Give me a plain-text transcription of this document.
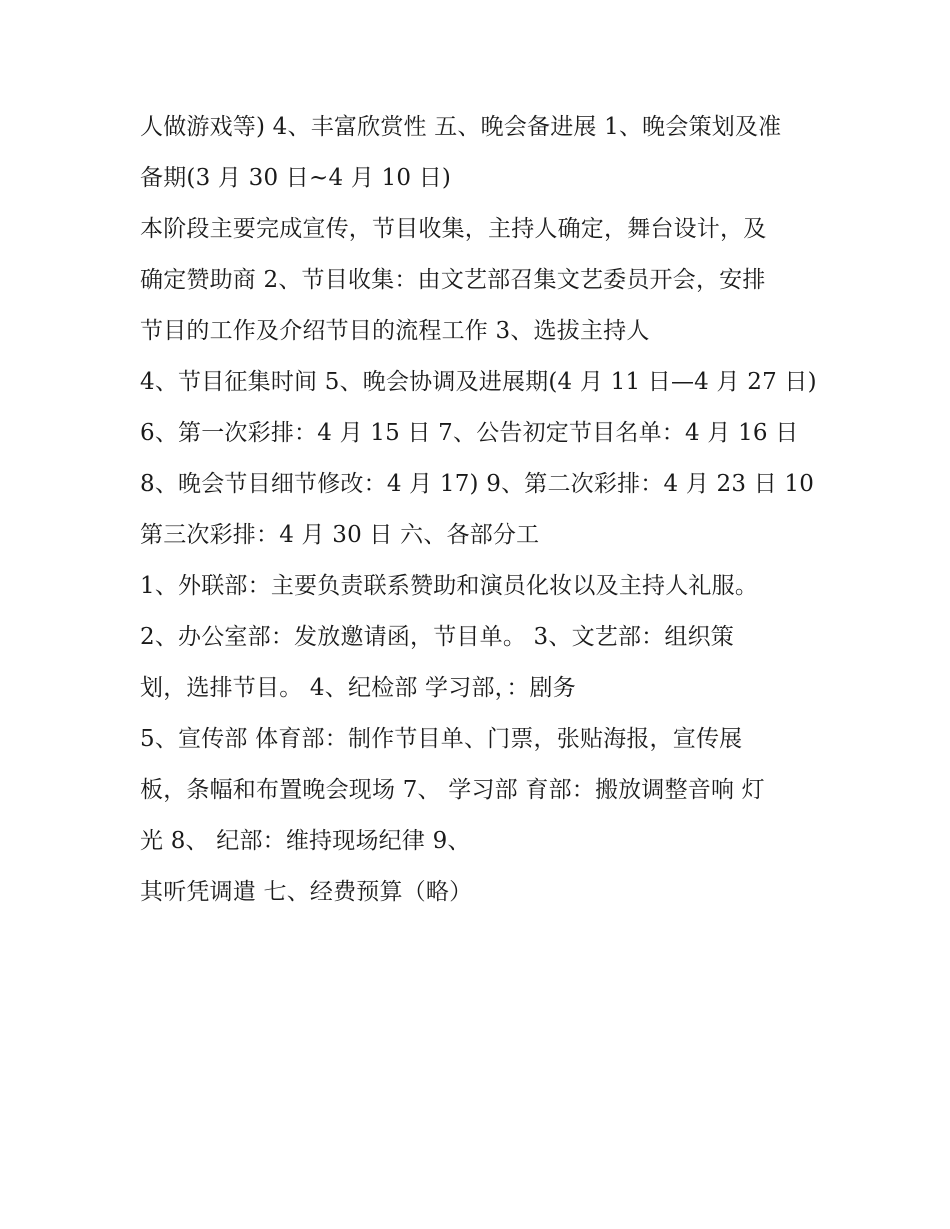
人做游戏等) 4、丰富欣赏性 五、晚会备进展 1、晚会策划及准
备期(3 月 30 日~4 月 10 日)
本阶段主要完成宣传，节目收集，主持人确定，舞台设计，及
确定赞助商 2、节目收集：由文艺部召集文艺委员开会，安排
节目的工作及介绍节目的流程工作 3、选拔主持人
4、节目征集时间 5、晚会协调及进展期(4 月 11 日—4 月 27 日)
6、第一次彩排：4 月 15 日 7、公告初定节目名单：4 月 16 日
8、晚会节目细节修改：4 月 17) 9、第二次彩排：4 月 23 日 10
第三次彩排：4 月 30 日 六、各部分工
1、外联部：主要负责联系赞助和演员化妆以及主持人礼服。
2、办公室部：发放邀请函，节目单。 3、文艺部：组织策
划，选排节目。 4、纪检部 学习部，：剧务
5、宣传部 体育部：制作节目单、门票，张贴海报，宣传展
板，条幅和布置晚会现场 7、 学习部 育部：搬放调整音响 灯
光 8、 纪部：维持现场纪律 9、
其听凭调遣 七、经费预算（略）
